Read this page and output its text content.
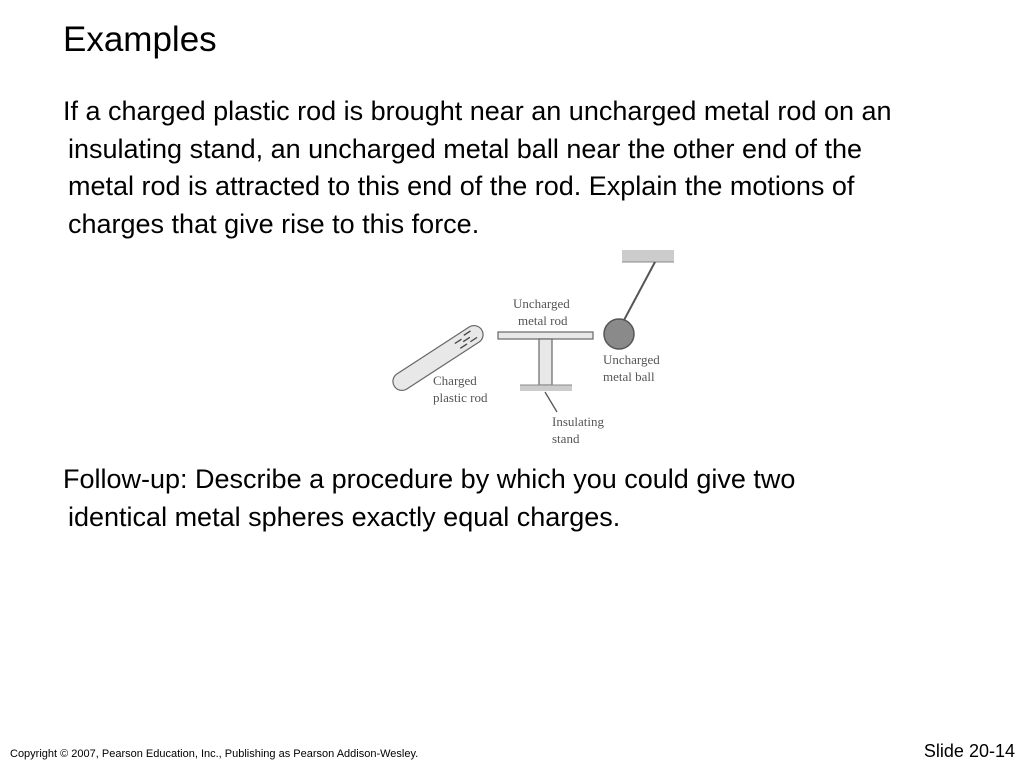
Examples

If a charged plastic rod is brought near an uncharged metal rod on an
insulating stand, an uncharged metal ball near the other end of the
metal rod is attracted to this end of the rod. Explain the motions of
charges that give rise to this force.

Uncharged
metal rod
Uncharged
metal ball
Charged
plastic rod
Insulating
stand

Follow-up: Describe a procedure by which you could give two
identical metal spheres exactly equal charges.

Copyright © 2007, Pearson Education, Inc., Publishing as Pearson Addison-Wesley.	Slide 20-14
